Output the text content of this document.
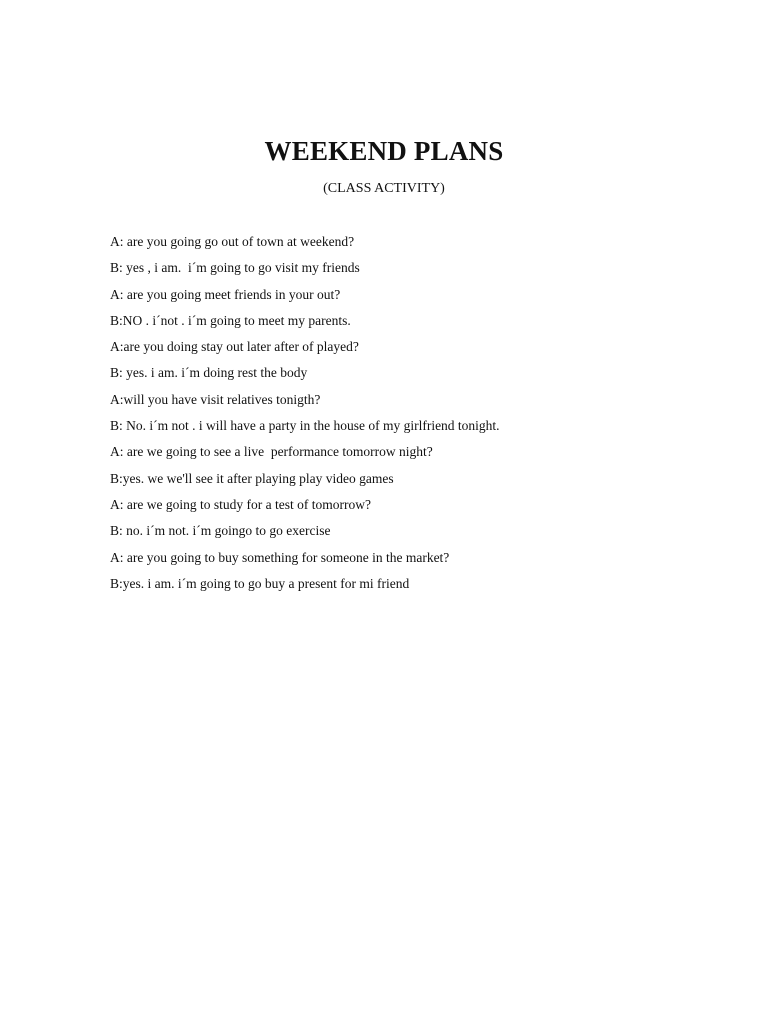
WEEKEND PLANS

(CLASS ACTIVITY)

A: are you going go out of town at weekend?
B: yes , i am.  i´m going to go visit my friends
A: are you going meet friends in your out?
B:NO . i´not . i´m going to meet my parents.
A:are you doing stay out later after of played?
B: yes. i am. i´m doing rest the body
A:will you have visit relatives tonigth?
B: No. i´m not . i will have a party in the house of my girlfriend tonight.
A: are we going to see a live  performance tomorrow night?
B:yes. we we'll see it after playing play video games
A: are we going to study for a test of tomorrow?
B: no. i´m not. i´m goingo to go exercise
A: are you going to buy something for someone in the market?
B:yes. i am. i´m going to go buy a present for mi friend
